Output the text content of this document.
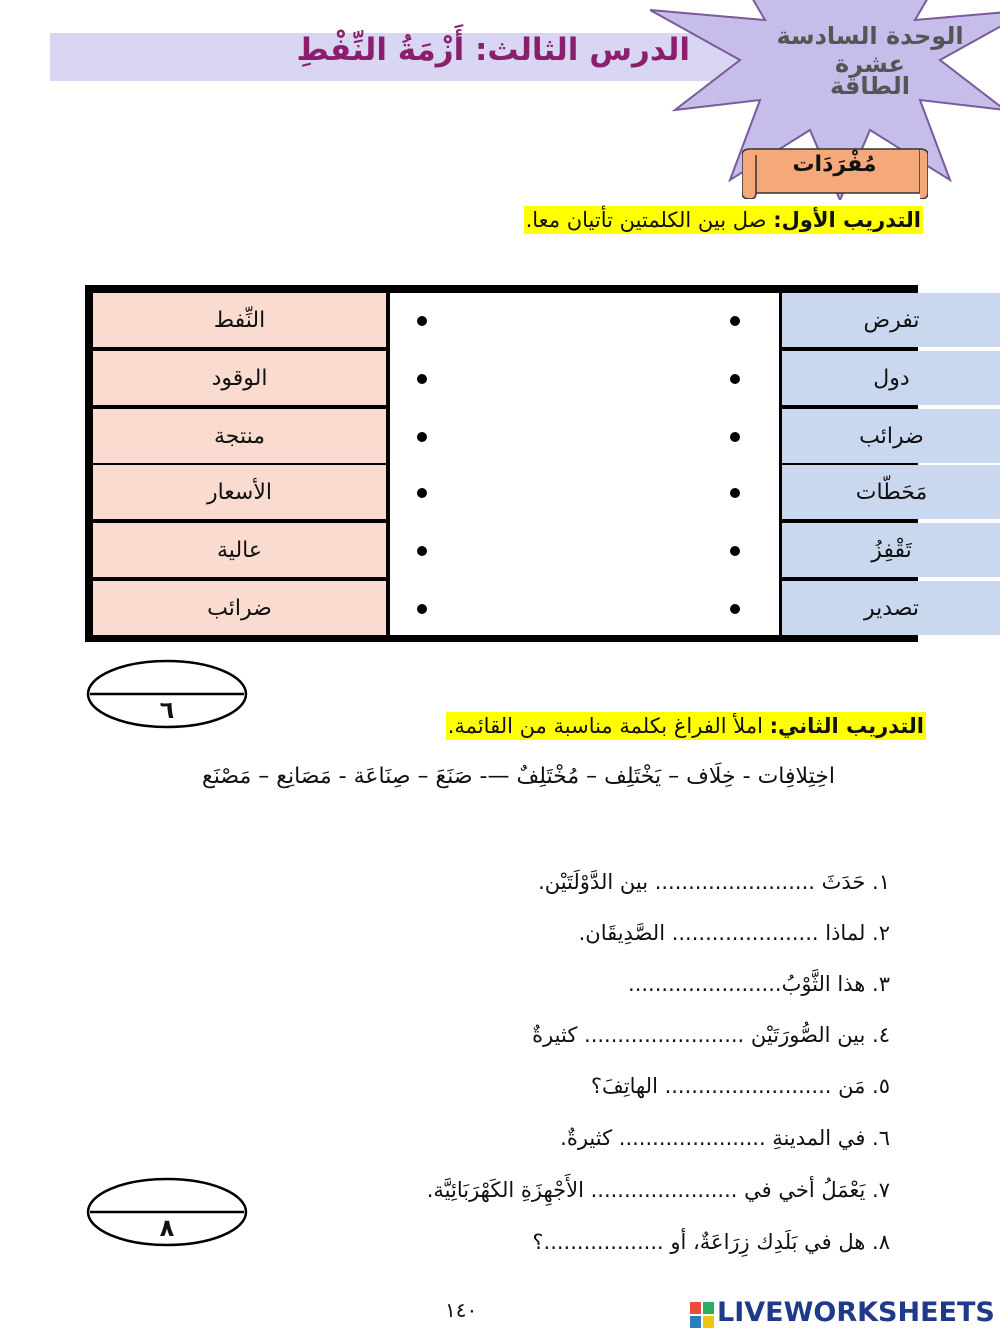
الدرس الثالث: أَزْمَةُ النِّفْطِ	الوحدة السادسة عشرة
الطاقة
مُفْرَدَات
التدريب الأول: صل بين الكلمتين تأتيان معا.
تفرض
دول
ضرائب
مَحَطّات
تَقْفِزُ
تصدير
النِّفط
الوقود
منتجة
الأسعار
عالية
ضرائب
٦
التدريب الثاني: املأ الفراغ بكلمة مناسبة من القائمة.
اخِتِلافِات - خِلَاف – يَخْتَلِف – مُخْتَلِفٌ —- صَنَعَ – صِنَاعَة - مَصَانِع – مَصْنَع
١. حَدَثَ ........................ بين الدَّوْلَتَيْن.
٢. لماذا ...................... الصَّدِيقَان.
٣. هذا الثَّوْبُ.......................
٤. بين الصُّورَتَيْن ........................ كثيرةٌ
٥. مَن ......................... الهاتِفَ؟
٦. في المدينةِ ...................... كثيرةٌ.
٧. يَعْمَلُ أخي في ...................... الأَجْهِزَةِ الكَهْرَبَائِيَّة.
٨. هل في بَلَدِك زِرَاعَةٌ، أو ..................؟
٨
١٤٠	LIVEWORKSHEETS
